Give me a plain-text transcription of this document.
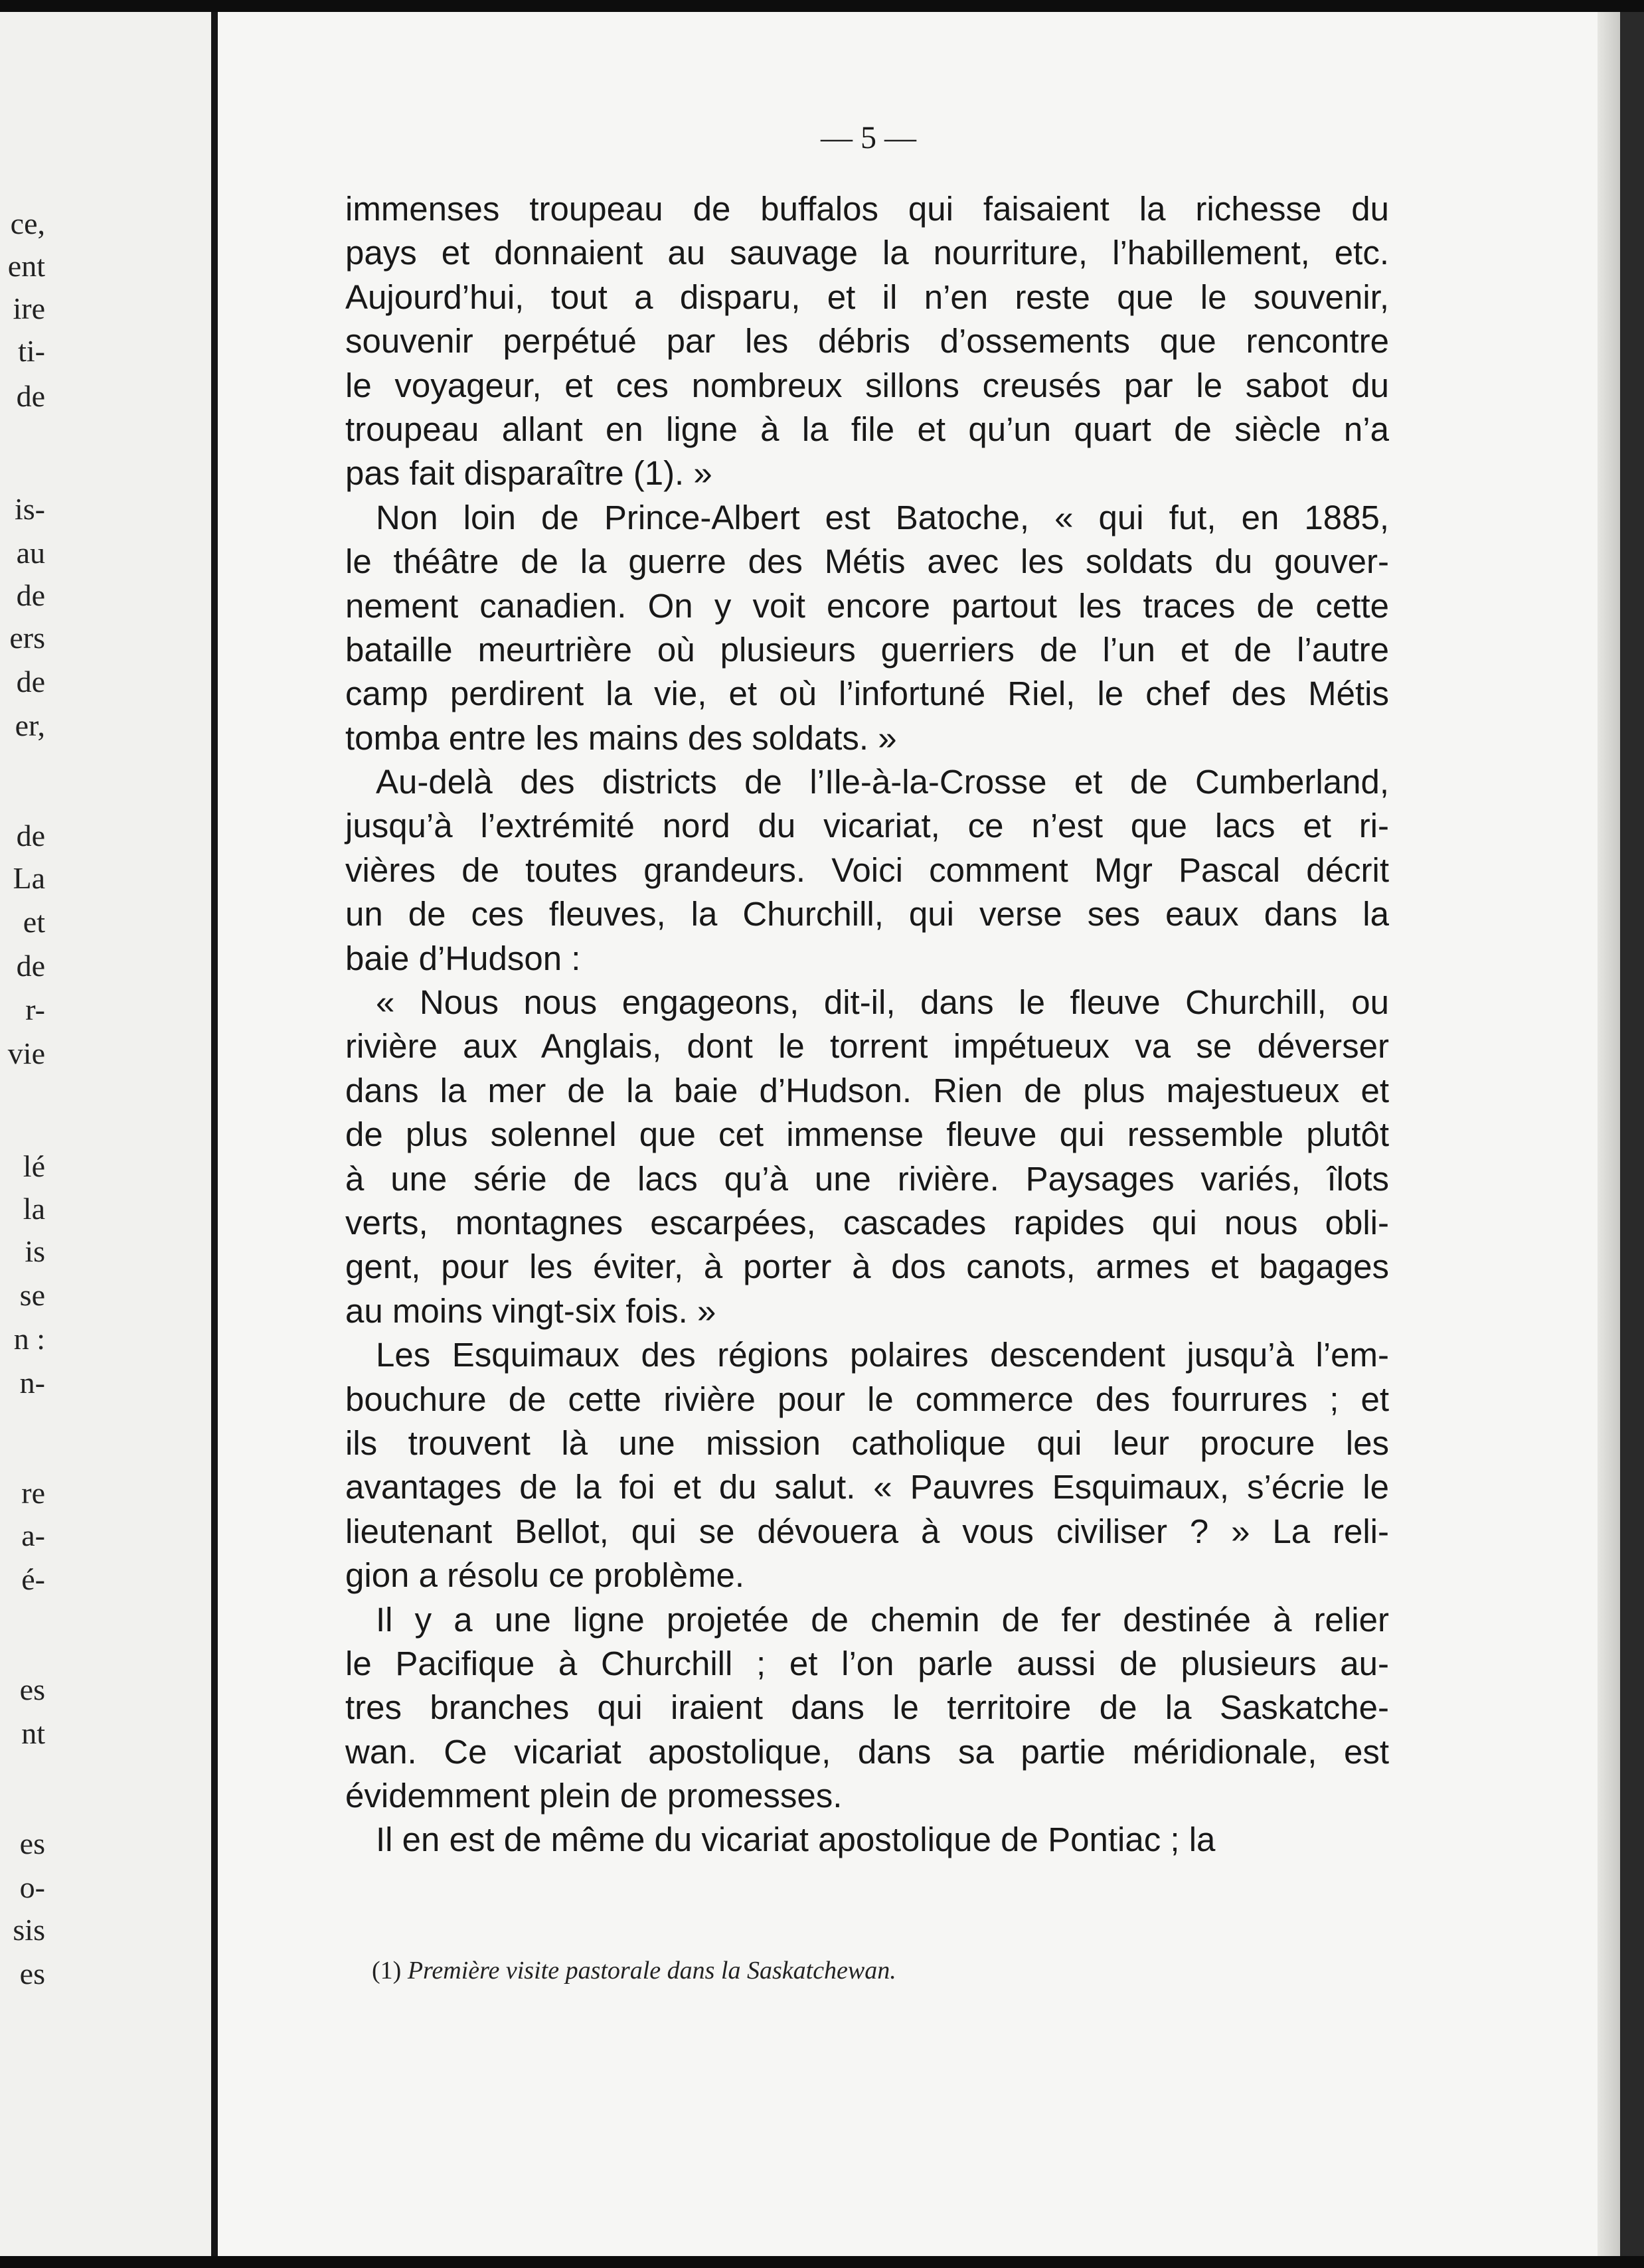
ce,
ent
ire
ti-
de
is-
au
de
ers
de
er,
de
La
et
de
r-
vie
lé
la
is
se
n :
n-
re
a-
é-
es
nt
es
o-
sis
es
— 5 —
immenses troupeau de buffalos qui faisaient la richesse du
pays et donnaient au sauvage la nourriture, l’habillement, etc.
Aujourd’hui, tout a disparu, et il n’en reste que le souvenir,
souvenir perpétué par les débris d’ossements que rencontre
le voyageur, et ces nombreux sillons creusés par le sabot du
troupeau allant en ligne à la file et qu’un quart de siècle n’a
pas fait disparaître (1). »
Non loin de Prince-Albert est Batoche, « qui fut, en 1885,
le théâtre de la guerre des Métis avec les soldats du gouver-
nement canadien. On y voit encore partout les traces de cette
bataille meurtrière où plusieurs guerriers de l’un et de l’autre
camp perdirent la vie, et où l’infortuné Riel, le chef des Métis
tomba entre les mains des soldats. »
Au-delà des districts de l’Ile-à-la-Crosse et de Cumberland,
jusqu’à l’extrémité nord du vicariat, ce n’est que lacs et ri-
vières de toutes grandeurs. Voici comment Mgr Pascal décrit
un de ces fleuves, la Churchill, qui verse ses eaux dans la
baie d’Hudson :
« Nous nous engageons, dit-il, dans le fleuve Churchill, ou
rivière aux Anglais, dont le torrent impétueux va se déverser
dans la mer de la baie d’Hudson. Rien de plus majestueux et
de plus solennel que cet immense fleuve qui ressemble plutôt
à une série de lacs qu’à une rivière. Paysages variés, îlots
verts, montagnes escarpées, cascades rapides qui nous obli-
gent, pour les éviter, à porter à dos canots, armes et bagages
au moins vingt-six fois. »
Les Esquimaux des régions polaires descendent jusqu’à l’em-
bouchure de cette rivière pour le commerce des fourrures ; et
ils trouvent là une mission catholique qui leur procure les
avantages de la foi et du salut. « Pauvres Esquimaux, s’écrie le
lieutenant Bellot, qui se dévouera à vous civiliser ? » La reli-
gion a résolu ce problème.
Il y a une ligne projetée de chemin de fer destinée à relier
le Pacifique à Churchill ; et l’on parle aussi de plusieurs au-
tres branches qui iraient dans le territoire de la Saskatche-
wan. Ce vicariat apostolique, dans sa partie méridionale, est
évidemment plein de promesses.
Il en est de même du vicariat apostolique de Pontiac ; la
(1) Première visite pastorale dans la Saskatchewan.
